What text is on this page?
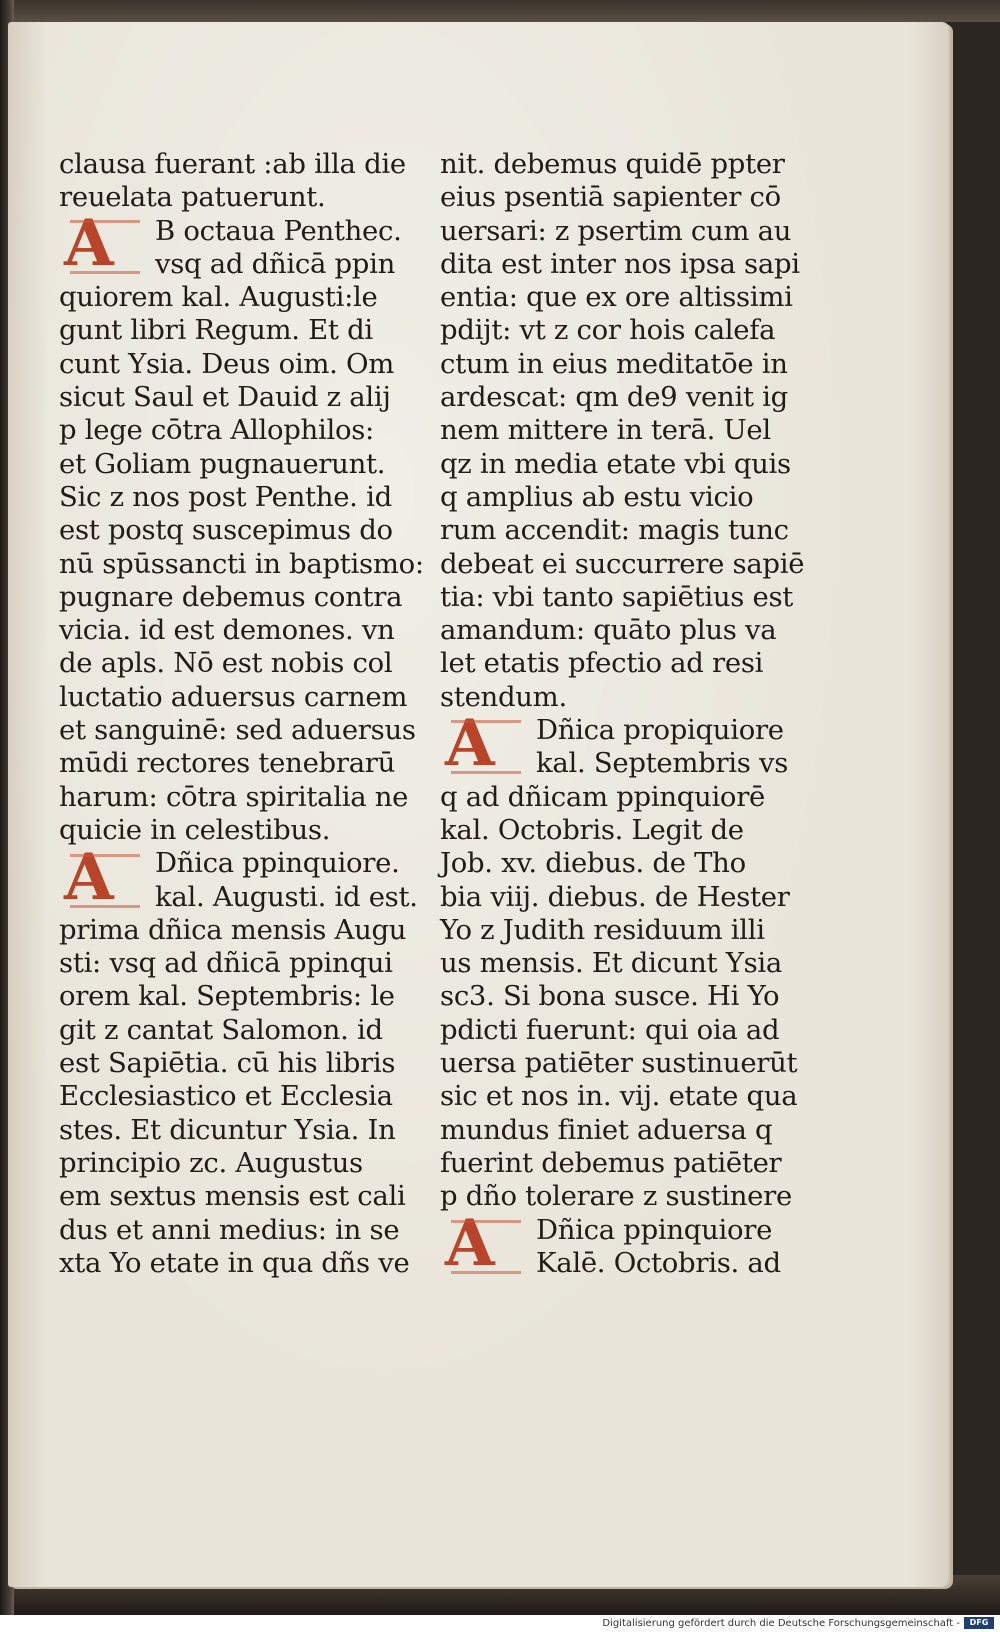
clausa fuerant :ab illa die
reuelata patuerunt.
B octaua Penthec.
vsq ad dñicā ppin
quiorem kal. Augusti:le
gunt libri Regum. Et di
cunt Ysia. Deus oim. Om
sicut Saul et Dauid z alij
p lege cōtra Allophilos:
et Goliam pugnauerunt.
Sic z nos post Penthe. id
est postq suscepimus do
nū spūssancti in baptismo:
pugnare debemus contra
vicia. id est demones. vn
de apls. Nō est nobis col
luctatio aduersus carnem
et sanguinē: sed aduersus
mūdi rectores tenebrarū
harum: cōtra spiritalia ne
quicie in celestibus.
Dñica ppinquiore.
kal. Augusti. id est.
prima dñica mensis Augu
sti: vsq ad dñicā ppinqui
orem kal. Septembris: le
git z cantat Salomon. id
est Sapiētia. cū his libris
Ecclesiastico et Ecclesia
stes. Et dicuntur Ysia. In
principio zc. Augustus
em sextus mensis est cali
dus et anni medius: in se
xta Yo etate in qua dñs ve
nit. debemus quidē ppter
eius psentiā sapienter cō
uersari: z psertim cum au
dita est inter nos ipsa sapi
entia: que ex ore altissimi
pdijt: vt z cor hois calefa
ctum in eius meditatōe in
ardescat: qm de9 venit ig
nem mittere in terā. Uel
qz in media etate vbi quis
q amplius ab estu vicio
rum accendit: magis tunc
debeat ei succurrere sapiē
tia: vbi tanto sapiētius est
amandum: quāto plus va
let etatis pfectio ad resi
stendum.
Dñica propiquiore
kal. Septembris vs
q ad dñicam ppinquiorē
kal. Octobris. Legit de
Job. xv. diebus. de Tho
bia viij. diebus. de Hester
Yo z Judith residuum illi
us mensis. Et dicunt Ysia
sc3. Si bona susce. Hi Yo
pdicti fuerunt: qui oia ad
uersa patiēter sustinuerūt
sic et nos in. vij. etate qua
mundus finiet aduersa q
fuerint debemus patiēter
p dño tolerare z sustinere
Dñica ppinquiore
Kalē. Octobris. ad
A
A
A
A
Digitalisierung gefördert durch die Deutsche Forschungsgemeinschaft -	DFG
